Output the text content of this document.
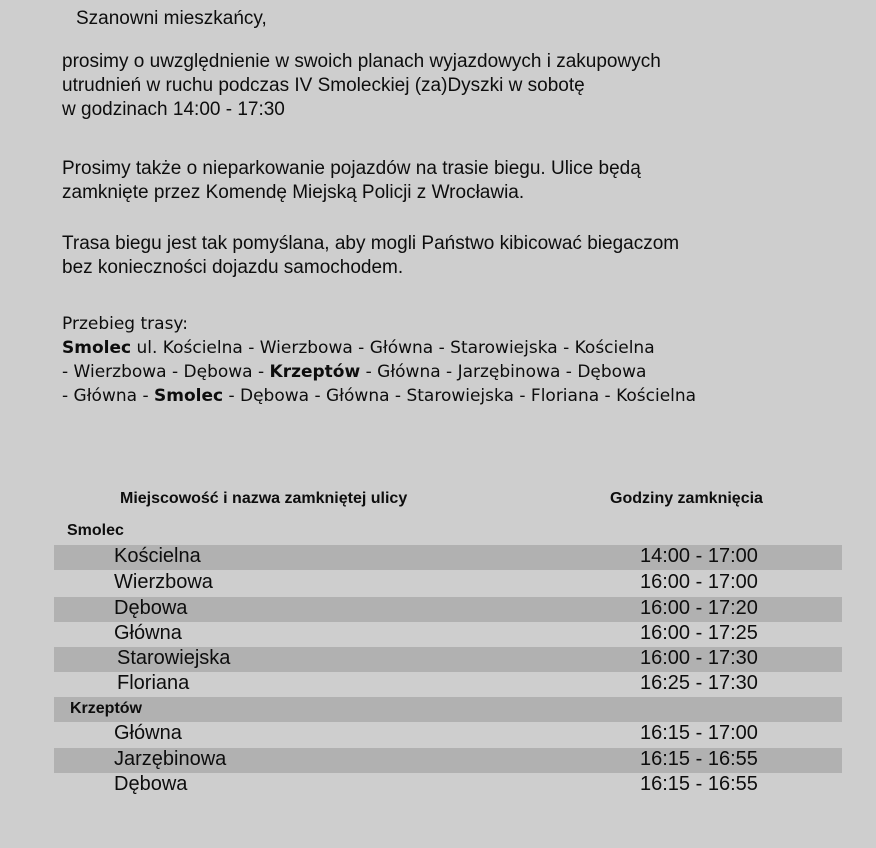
Szanowni mieszkańcy,
prosimy o uwzględnienie w swoich planach wyjazdowych i zakupowych
utrudnień w ruchu podczas IV Smoleckiej (za)Dyszki w sobotę
w godzinach 14:00 - 17:30
Prosimy także o nieparkowanie pojazdów na trasie biegu. Ulice będą
zamknięte przez Komendę Miejską Policji z Wrocławia.
Trasa biegu jest tak pomyślana, aby mogli Państwo kibicować biegaczom
bez konieczności dojazdu samochodem.
Przebieg trasy:
Smolec ul. Kościelna - Wierzbowa - Główna - Starowiejska - Kościelna
- Wierzbowa - Dębowa - Krzeptów - Główna - Jarzębinowa - Dębowa
- Główna - Smolec - Dębowa - Główna - Starowiejska - Floriana - Kościelna
Miejscowość i nazwa zamkniętej ulicy	Godziny zamknięcia
Smolec
Kościelna	14:00 - 17:00
Wierzbowa	16:00 - 17:00
Dębowa	16:00 - 17:20
Główna	16:00 - 17:25
Starowiejska	16:00 - 17:30
Floriana	16:25 - 17:30
Krzeptów
Główna	16:15 - 17:00
Jarzębinowa	16:15 - 16:55
Dębowa	16:15 - 16:55
